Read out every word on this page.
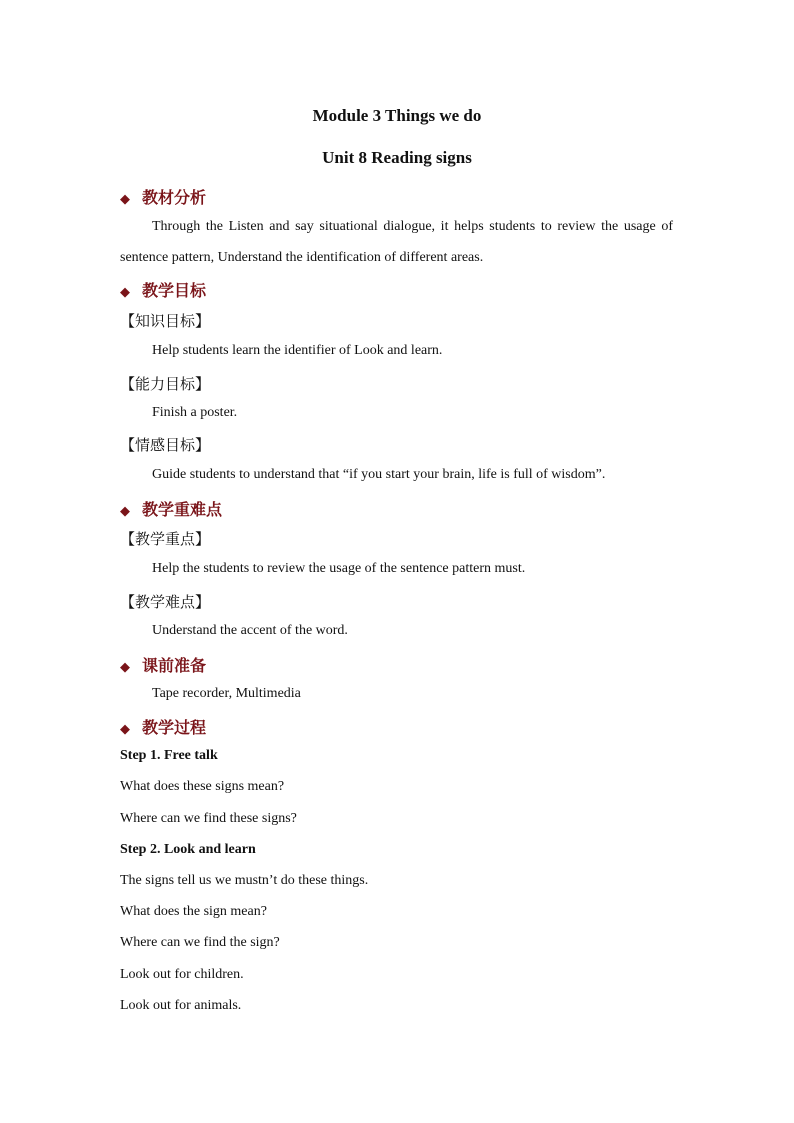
Module 3 Things we do
Unit 8 Reading signs
◆ 教材分析
Through the Listen and say situational dialogue, it helps students to review the usage of sentence pattern, Understand the identification of different areas.
◆ 教学目标
【知识目标】
Help students learn the identifier of Look and learn.
【能力目标】
Finish a poster.
【情感目标】
Guide students to understand that “if you start your brain, life is full of wisdom”.
◆ 教学重难点
【教学重点】
Help the students to review the usage of the sentence pattern must.
【教学难点】
Understand the accent of the word.
◆ 课前准备
Tape recorder, Multimedia
◆ 教学过程
Step 1. Free talk
What does these signs mean?
Where can we find these signs?
Step 2. Look and learn
The signs tell us we mustn’t do these things.
What does the sign mean?
Where can we find the sign?
Look out for children.
Look out for animals.
